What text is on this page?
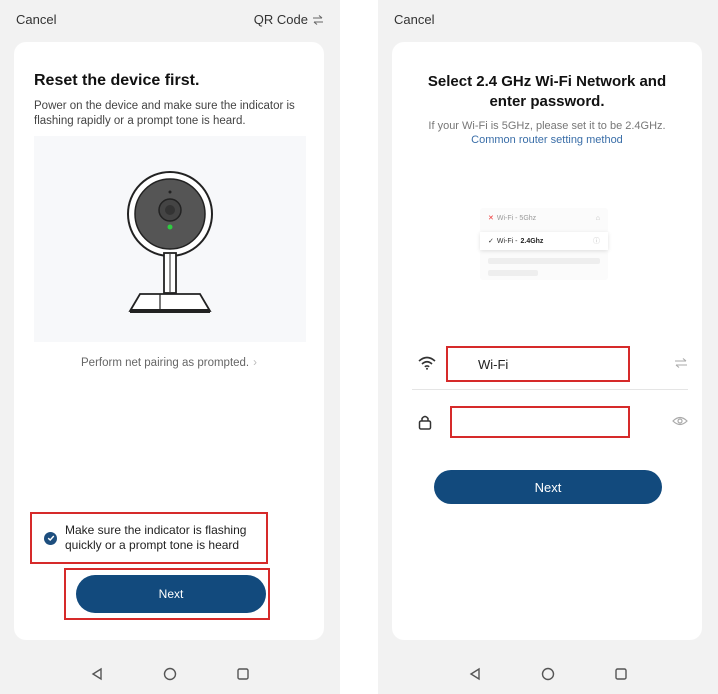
Cancel	QR Code
Reset the device first.
Power on the device and make sure the indicator is flashing rapidly or a prompt tone is heard.
Perform net pairing as prompted. ›
Make sure the indicator is flashing quickly or a prompt tone is heard
Next
Cancel
Select 2.4 GHz Wi-Fi Network and enter password.
If your Wi-Fi is 5GHz, please set it to be 2.4GHz.
Common router setting method
✕ Wi-Fi - 5Ghz	⌂
✓ Wi-Fi - 2.4Ghz	ⓘ
Wi-Fi
Next
